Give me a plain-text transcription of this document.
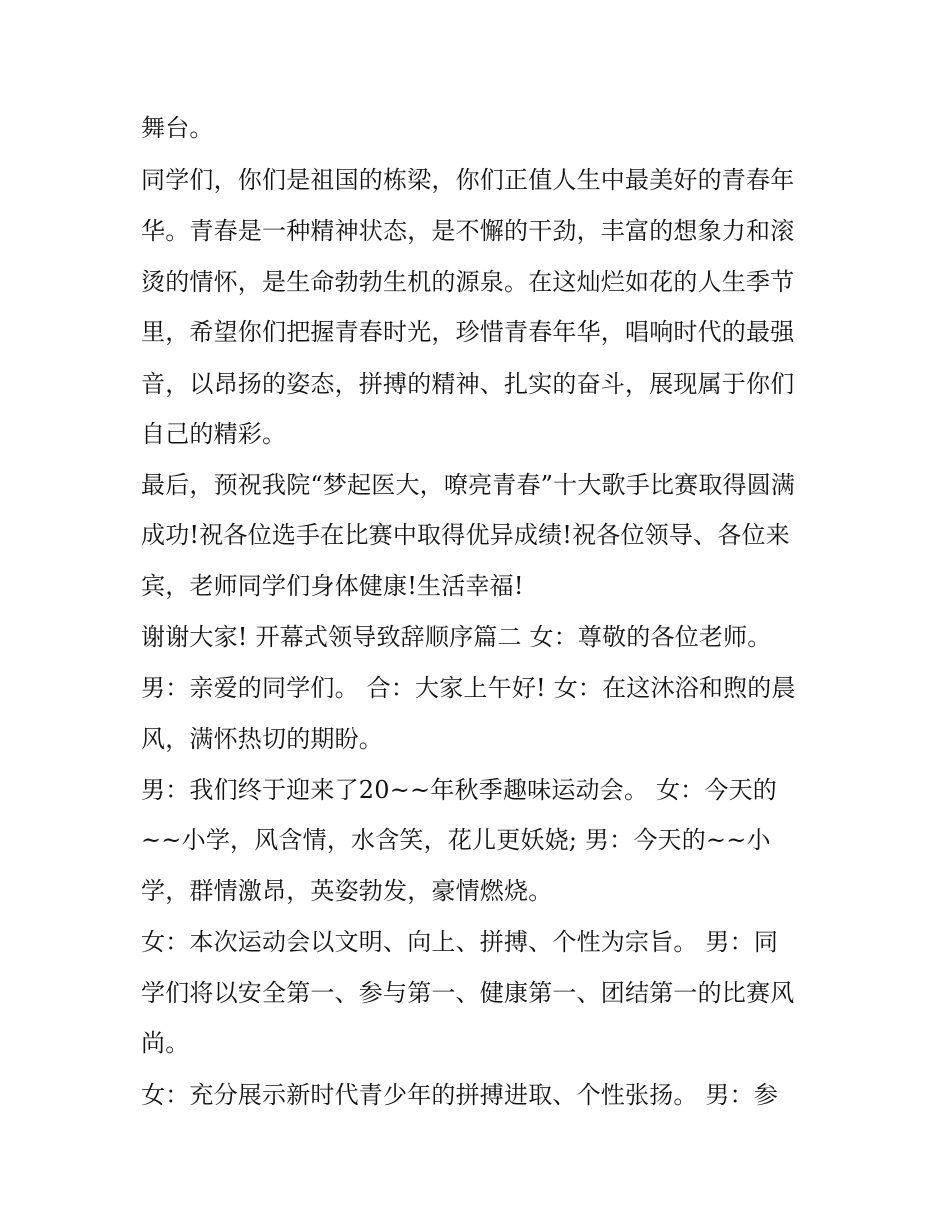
舞台。
同学们，你们是祖国的栋梁，你们正值人生中最美好的青春年
华。青春是一种精神状态，是不懈的干劲，丰富的想象力和滚
烫的情怀，是生命勃勃生机的源泉。在这灿烂如花的人生季节
里，希望你们把握青春时光，珍惜青春年华，唱响时代的最强
音，以昂扬的姿态，拼搏的精神、扎实的奋斗，展现属于你们
自己的精彩。
最后，预祝我院“梦起医大，嘹亮青春”十大歌手比赛取得圆满
成功!祝各位选手在比赛中取得优异成绩!祝各位领导、各位来
宾，老师同学们身体健康!生活幸福!
谢谢大家! 开幕式领导致辞顺序篇二 女：尊敬的各位老师。
男：亲爱的同学们。 合：大家上午好! 女：在这沐浴和煦的晨
风，满怀热切的期盼。
男：我们终于迎来了20~~年秋季趣味运动会。 女：今天的
~~小学，风含情，水含笑，花儿更妖娆; 男：今天的~~小
学，群情激昂，英姿勃发，豪情燃烧。
女：本次运动会以文明、向上、拼搏、个性为宗旨。 男：同
学们将以安全第一、参与第一、健康第一、团结第一的比赛风
尚。
女：充分展示新时代青少年的拼搏进取、个性张扬。 男：参
